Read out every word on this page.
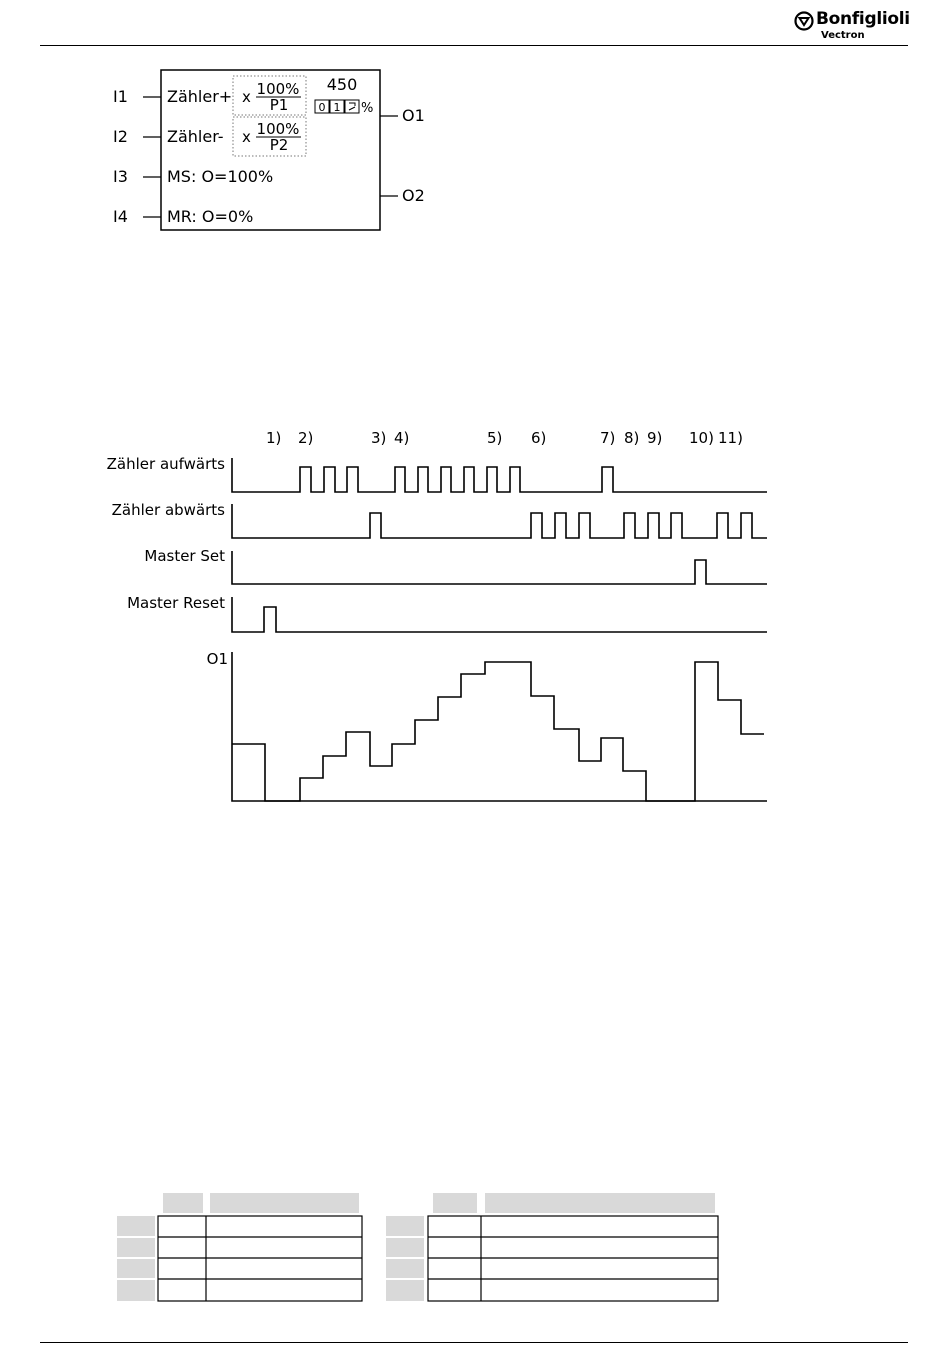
Bonfiglioli
Vectron
I1
I2
I3
I4
Zähler+
Zähler-
MS: O=100%
MR: O=0%
x 100%
P1
x 100%
P2
450
0 1 % O1
O2
1) 2)	3) 4)	5) 6)	7) 8) 9) 10) 11)
Zähler aufwärts
Zähler abwärts
Master Set
Master Reset
O1
